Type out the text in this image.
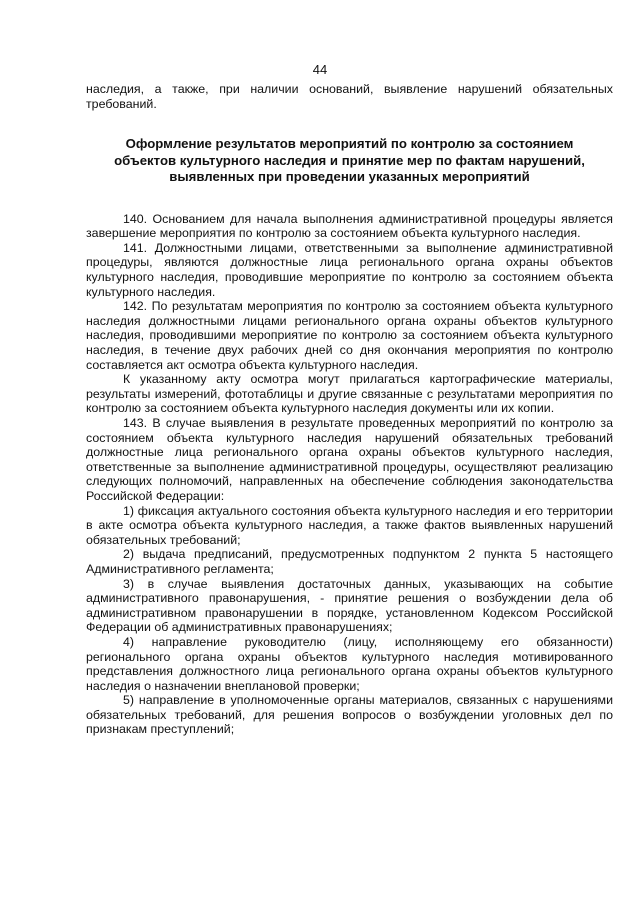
44

наследия, а также, при наличии оснований, выявление нарушений обязательных требований.

Оформление результатов мероприятий по контролю за состоянием
объектов культурного наследия и принятие мер по фактам нарушений,
выявленных при проведении указанных мероприятий

140. Основанием для начала выполнения административной процедуры является завершение мероприятия по контролю за состоянием объекта культурного наследия.

141. Должностными лицами, ответственными за выполнение административной процедуры, являются должностные лица регионального органа охраны объектов культурного наследия, проводившие мероприятие по контролю за состоянием объекта культурного наследия.

142. По результатам мероприятия по контролю за состоянием объекта культурного наследия должностными лицами регионального органа охраны объектов культурного наследия, проводившими мероприятие по контролю за состоянием объекта культурного наследия, в течение двух рабочих дней со дня окончания мероприятия по контролю составляется акт осмотра объекта культурного наследия.

К указанному акту осмотра могут прилагаться картографические материалы, результаты измерений, фототаблицы и другие связанные с результатами мероприятия по контролю за состоянием объекта культурного наследия документы или их копии.

143. В случае выявления в результате проведенных мероприятий по контролю за состоянием объекта культурного наследия нарушений обязательных требований должностные лица регионального органа охраны объектов культурного наследия, ответственные за выполнение административной процедуры, осуществляют реализацию следующих полномочий, направленных на обеспечение соблюдения законодательства Российской Федерации:

1) фиксация актуального состояния объекта культурного наследия и его территории в акте осмотра объекта культурного наследия, а также фактов выявленных нарушений обязательных требований;

2) выдача предписаний, предусмотренных подпунктом 2 пункта 5 настоящего Административного регламента;

3) в случае выявления достаточных данных, указывающих на событие административного правонарушения, - принятие решения о возбуждении дела об административном правонарушении в порядке, установленном Кодексом Российской Федерации об административных правонарушениях;

4) направление руководителю (лицу, исполняющему его обязанности) регионального органа охраны объектов культурного наследия мотивированного представления должностного лица регионального органа охраны объектов культурного наследия о назначении внеплановой проверки;

5) направление в уполномоченные органы материалов, связанных с нарушениями обязательных требований, для решения вопросов о возбуждении уголовных дел по признакам преступлений;
